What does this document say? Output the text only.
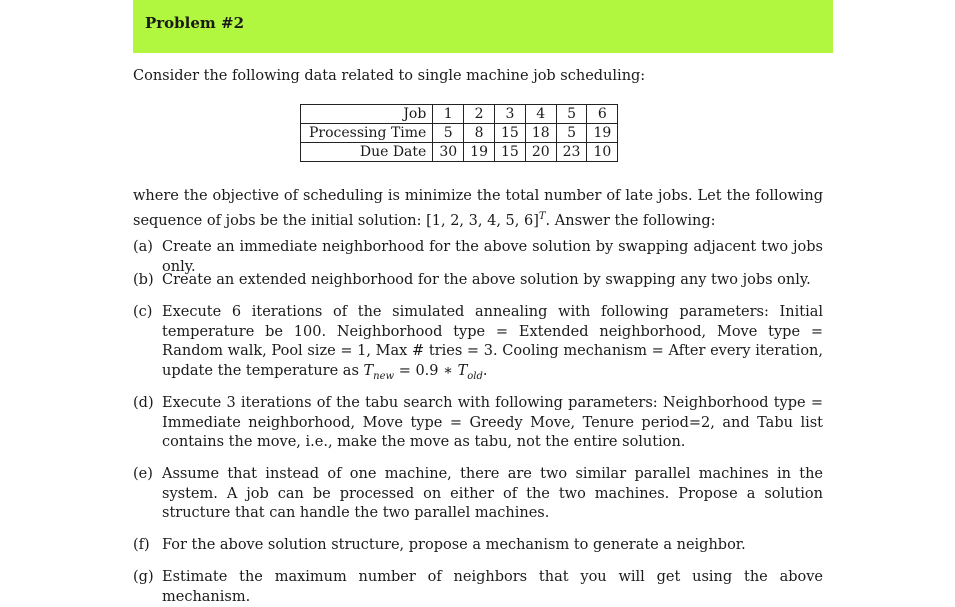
Problem #2
Consider the following data related to single machine job scheduling:
Job	1	2	3	4	5	6
Processing Time	5	8	15	18	5	19
Due Date	30	19	15	20	23	10
where the objective of scheduling is minimize the total number of late jobs. Let the following sequence of jobs be the initial solution: [1, 2, 3, 4, 5, 6]$^T$. Answer the following:
(a) Create an immediate neighborhood for the above solution by swapping adjacent two jobs only.
(b) Create an extended neighborhood for the above solution by swapping any two jobs only.
(c) Execute 6 iterations of the simulated annealing with following parameters: Initial temperature be 100. Neighborhood type = Extended neighborhood, Move type = Random walk, Pool size = 1, Max # tries = 3. Cooling mechanism = After every iteration, update the temperature as $T_{new} = 0.9$ ∗ $T_{old}$.
(d) Execute 3 iterations of the tabu search with following parameters: Neighborhood type = Immediate neighborhood, Move type = Greedy Move, Tenure period=2, and Tabu list contains the move, i.e., make the move as tabu, not the entire solution.
(e) Assume that instead of one machine, there are two similar parallel machines in the system. A job can be processed on either of the two machines. Propose a solution structure that can handle the two parallel machines.
(f) For the above solution structure, propose a mechanism to generate a neighbor.
(g) Estimate the maximum number of neighbors that you will get using the above mechanism.
